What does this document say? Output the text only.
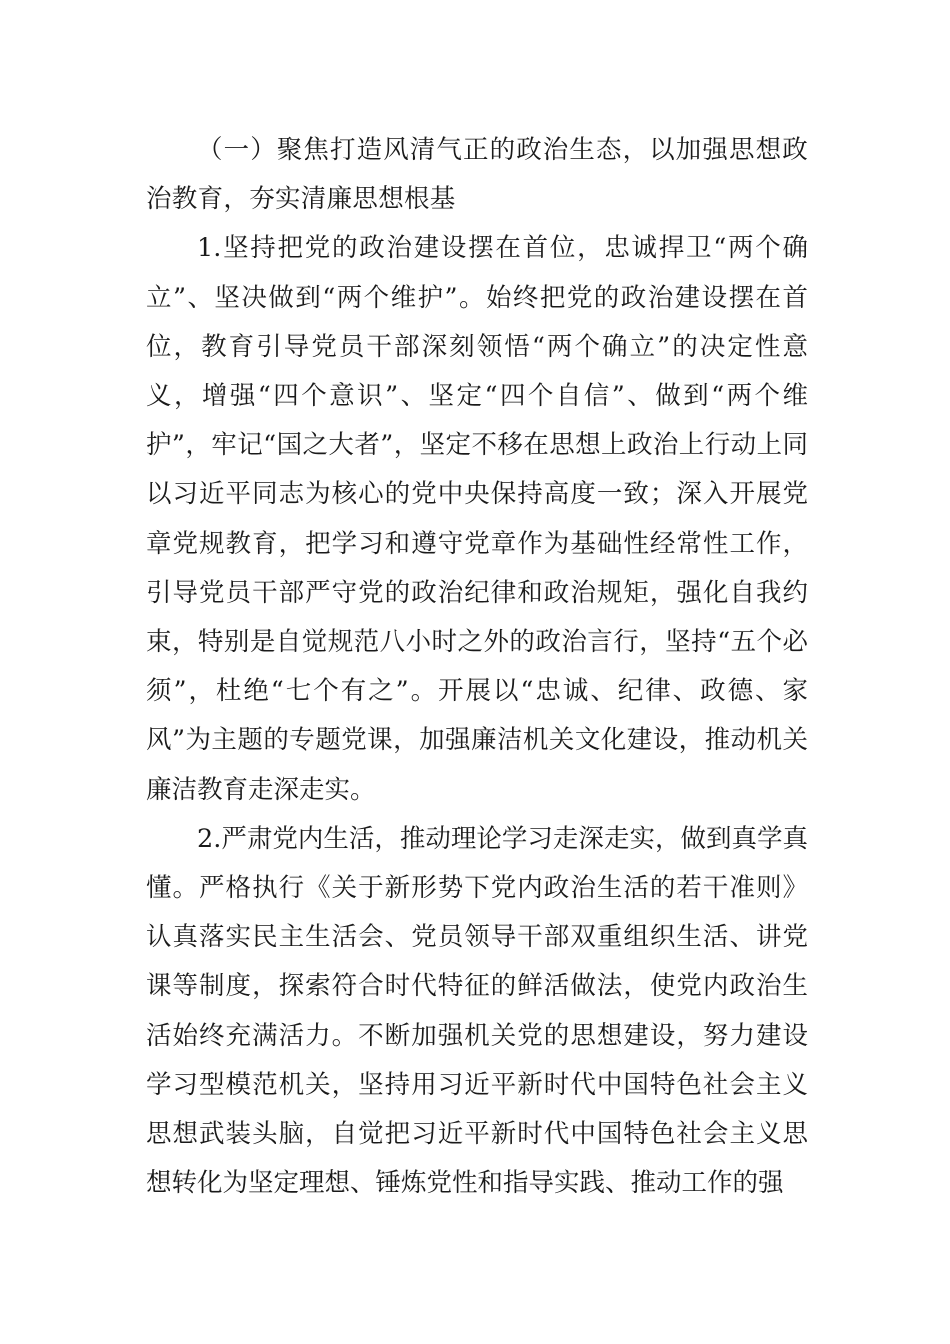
（一）聚焦打造风清气正的政治生态，以加强思想政治教育，夯实清廉思想根基

1.坚持把党的政治建设摆在首位，忠诚捍卫“两个确立”、坚决做到“两个维护”。始终把党的政治建设摆在首位，教育引导党员干部深刻领悟“两个确立”的决定性意义，增强“四个意识”、坚定“四个自信”、做到“两个维护”，牢记“国之大者”，坚定不移在思想上政治上行动上同以习近平同志为核心的党中央保持高度一致；深入开展党章党规教育，把学习和遵守党章作为基础性经常性工作，引导党员干部严守党的政治纪律和政治规矩，强化自我约束，特别是自觉规范八小时之外的政治言行，坚持“五个必须”，杜绝“七个有之”。开展以“忠诚、纪律、政德、家风”为主题的专题党课，加强廉洁机关文化建设，推动机关廉洁教育走深走实。

2.严肃党内生活，推动理论学习走深走实，做到真学真懂。严格执行《关于新形势下党内政治生活的若干准则》认真落实民主生活会、党员领导干部双重组织生活、讲党课等制度，探索符合时代特征的鲜活做法，使党内政治生活始终充满活力。不断加强机关党的思想建设，努力建设学习型模范机关，坚持用习近平新时代中国特色社会主义思想武装头脑，自觉把习近平新时代中国特色社会主义思想转化为坚定理想、锤炼党性和指导实践、推动工作的强
